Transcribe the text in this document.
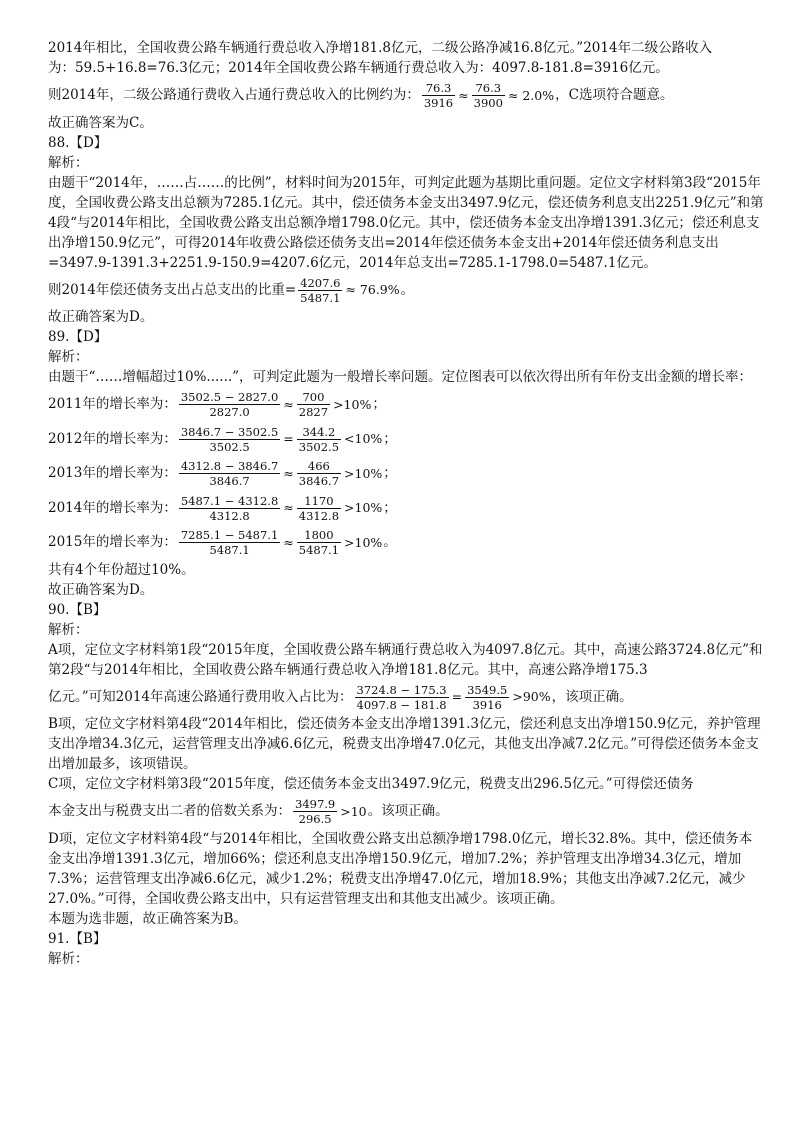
2014年相比，全国收费公路车辆通行费总收入净增181.8亿元，二级公路净减16.8亿元。”2014年二级公路收入
为：59.5+16.8=76.3亿元；2014年全国收费公路车辆通行费总收入为：4097.8-181.8=3916亿元。
则2014年，二级公路通行费收入占通行费总收入的比例约为： $\frac{76.3}{3916} \approx \frac{76.3}{3900} \approx 2.0\%$，C选项符合题意。
故正确答案为C。
88.【D】
解析：
由题干“2014年，……占……的比例”，材料时间为2015年，可判定此题为基期比重问题。定位文字材料第3段“2015年度，全国收费公路支出总额为7285.1亿元。其中，偿还债务本金支出3497.9亿元，偿还债务利息支出2251.9亿元”和第4段“与2014年相比，全国收费公路支出总额净增1798.0亿元。其中，偿还债务本金支出净增1391.3亿元；偿还利息支出净增150.9亿元”，可得2014年收费公路偿还债务支出=2014年偿还债务本金支出+2014年偿还债务利息支出=3497.9-1391.3+2251.9-150.9=4207.6亿元，2014年总支出=7285.1-1798.0=5487.1亿元。
则2014年偿还债务支出占总支出的比重= $\frac{4207.6}{5487.1} \approx 76.9\%$。
故正确答案为D。
89.【D】
解析：
由题干“……增幅超过10%......”，可判定此题为一般增长率问题。定位图表可以依次得出所有年份支出金额的增长率：
2011年的增长率为： $\frac{3502.5 - 2827.0}{2827.0} \approx \frac{700}{2827} >10\%$；
2012年的增长率为： $\frac{3846.7 - 3502.5}{3502.5} = \frac{344.2}{3502.5} <10\%$；
2013年的增长率为： $\frac{4312.8 - 3846.7}{3846.7} \approx \frac{466}{3846.7} >10\%$；
2014年的增长率为： $\frac{5487.1 - 4312.8}{4312.8} \approx \frac{1170}{4312.8} >10\%$；
2015年的增长率为： $\frac{7285.1 - 5487.1}{5487.1} \approx \frac{1800}{5487.1} >10\%$。
共有4个年份超过10%。
故正确答案为D。
90.【B】
解析：
A项，定位文字材料第1段“2015年度，全国收费公路车辆通行费总收入为4097.8亿元。其中，高速公路3724.8亿元”和第2段“与2014年相比，全国收费公路车辆通行费总收入净增181.8亿元。其中，高速公路净增175.3
亿元。”可知2014年高速公路通行费用收入占比为： $\frac{3724.8 - 175.3}{4097.8 - 181.8} = \frac{3549.5}{3916} >90\%$，该项正确。
B项，定位文字材料第4段“2014年相比，偿还债务本金支出净增1391.3亿元，偿还利息支出净增150.9亿元，养护管理支出净增34.3亿元，运营管理支出净减6.6亿元，税费支出净增47.0亿元，其他支出净减7.2亿元。”可得偿还债务本金支出增加最多，该项错误。
C项，定位文字材料第3段“2015年度，偿还债务本金支出3497.9亿元，税费支出296.5亿元。”可得偿还债务
本金支出与税费支出二者的倍数关系为： $\frac{3497.9}{296.5} >10$。该项正确。
D项，定位文字材料第4段“与2014年相比，全国收费公路支出总额净增1798.0亿元，增长32.8%。其中，偿还债务本金支出净增1391.3亿元，增加66%；偿还利息支出净增150.9亿元，增加7.2%；养护管理支出净增34.3亿元，增加7.3%；运营管理支出净减6.6亿元，减少1.2%；税费支出净增47.0亿元，增加18.9%；其他支出净减7.2亿元，减少27.0%。”可得，全国收费公路支出中，只有运营管理支出和其他支出减少。该项正确。
本题为选非题，故正确答案为B。
91.【B】
解析：
